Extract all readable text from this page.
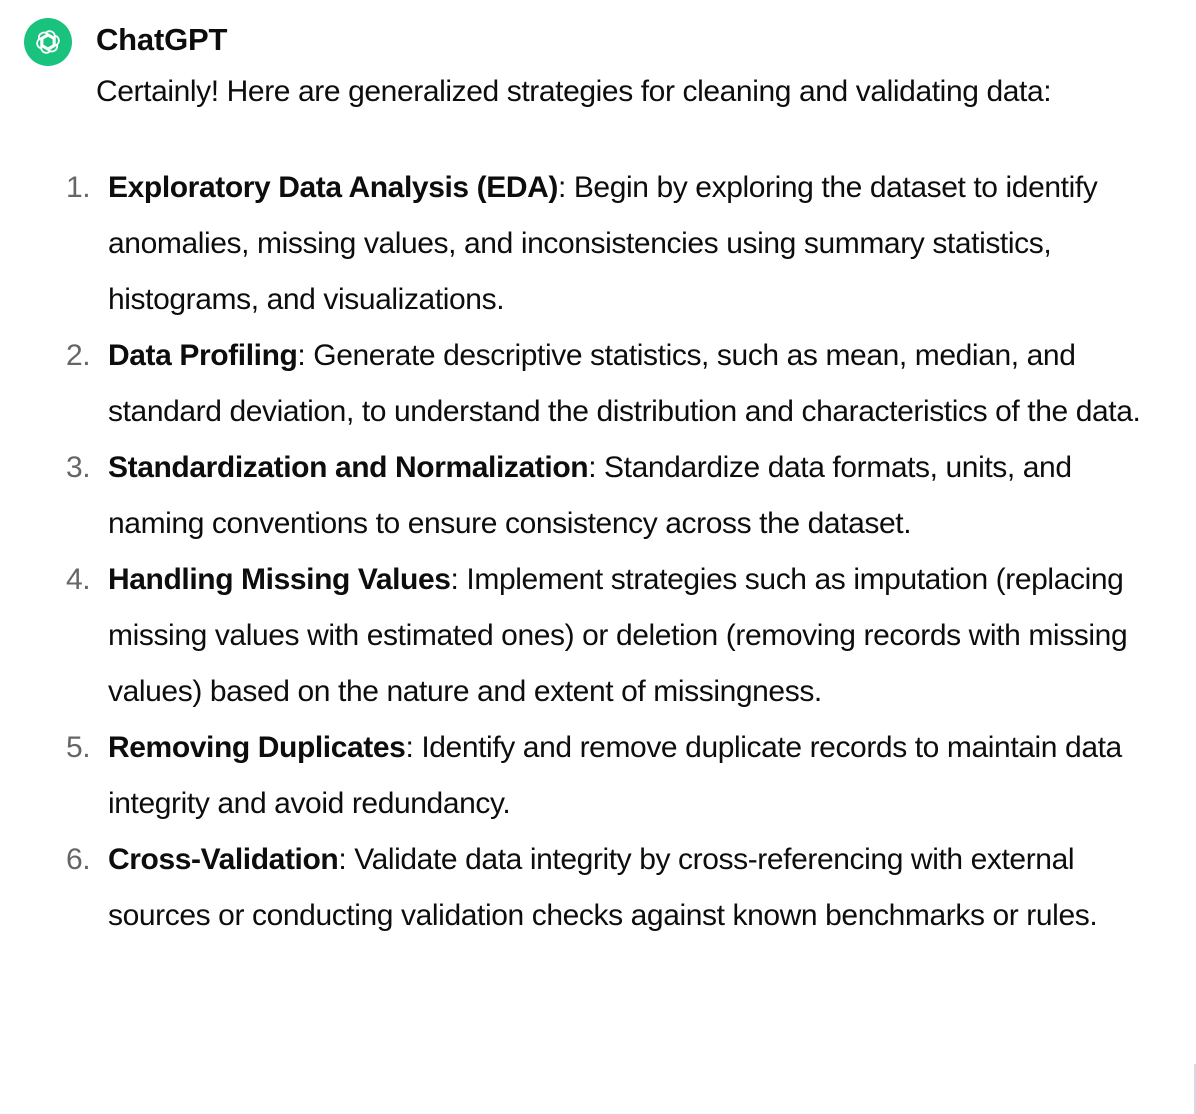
ChatGPT
Certainly! Here are generalized strategies for cleaning and validating data:
1. Exploratory Data Analysis (EDA): Begin by exploring the dataset to identify anomalies, missing values, and inconsistencies using summary statistics, histograms, and visualizations.
2. Data Profiling: Generate descriptive statistics, such as mean, median, and standard deviation, to understand the distribution and characteristics of the data.
3. Standardization and Normalization: Standardize data formats, units, and naming conventions to ensure consistency across the dataset.
4. Handling Missing Values: Implement strategies such as imputation (replacing missing values with estimated ones) or deletion (removing records with missing values) based on the nature and extent of missingness.
5. Removing Duplicates: Identify and remove duplicate records to maintain data integrity and avoid redundancy.
6. Cross-Validation: Validate data integrity by cross-referencing with external sources or conducting validation checks against known benchmarks or rules.
